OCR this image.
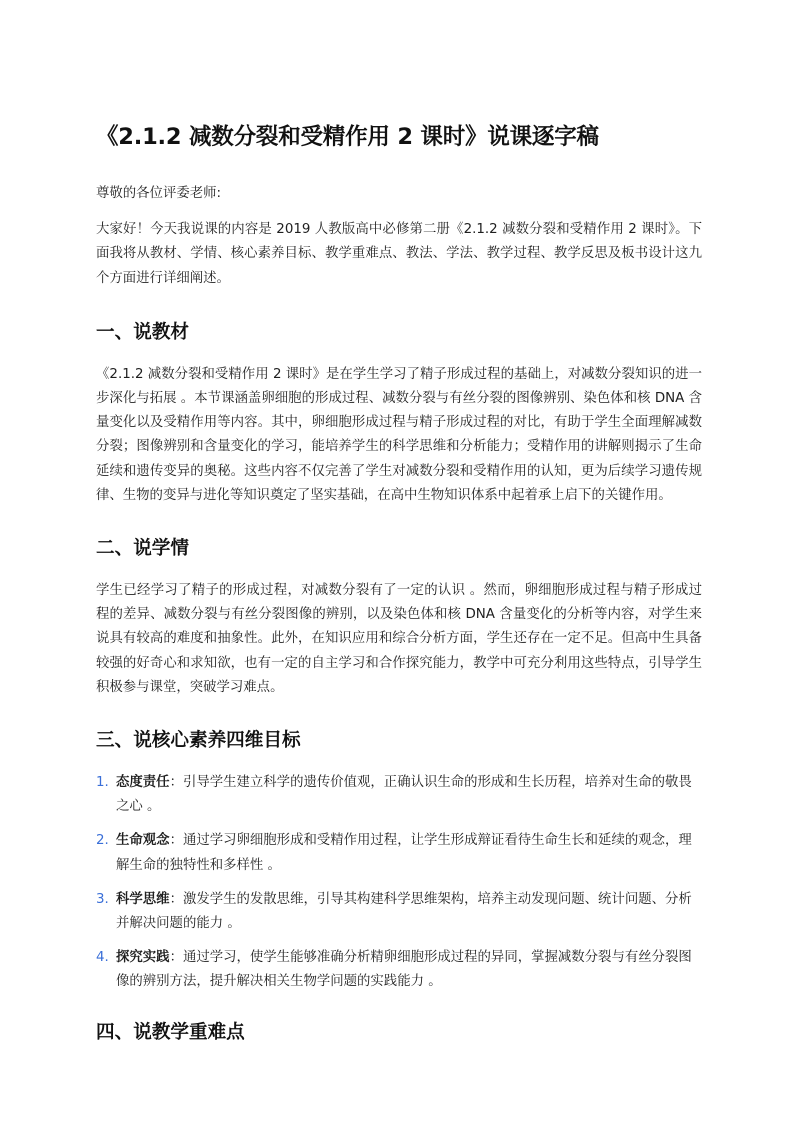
《2.1.2 减数分裂和受精作用 2 课时》说课逐字稿

尊敬的各位评委老师:

大家好！今天我说课的内容是 2019 人教版高中必修第二册《2.1.2 减数分裂和受精作用 2 课时》。下面我将从教材、学情、核心素养目标、教学重难点、教法、学法、教学过程、教学反思及板书设计这九个方面进行详细阐述。

一、说教材

《2.1.2 减数分裂和受精作用 2 课时》是在学生学习了精子形成过程的基础上，对减数分裂知识的进一步深化与拓展 。本节课涵盖卵细胞的形成过程、减数分裂与有丝分裂的图像辨别、染色体和核 DNA 含量变化以及受精作用等内容。其中，卵细胞形成过程与精子形成过程的对比，有助于学生全面理解减数分裂；图像辨别和含量变化的学习，能培养学生的科学思维和分析能力；受精作用的讲解则揭示了生命延续和遗传变异的奥秘。这些内容不仅完善了学生对减数分裂和受精作用的认知，更为后续学习遗传规律、生物的变异与进化等知识奠定了坚实基础，在高中生物知识体系中起着承上启下的关键作用。

二、说学情

学生已经学习了精子的形成过程，对减数分裂有了一定的认识 。然而，卵细胞形成过程与精子形成过程的差异、减数分裂与有丝分裂图像的辨别，以及染色体和核 DNA 含量变化的分析等内容，对学生来说具有较高的难度和抽象性。此外，在知识应用和综合分析方面，学生还存在一定不足。但高中生具备较强的好奇心和求知欲，也有一定的自主学习和合作探究能力，教学中可充分利用这些特点，引导学生积极参与课堂，突破学习难点。

三、说核心素养四维目标
1. 态度责任：引导学生建立科学的遗传价值观，正确认识生命的形成和生长历程，培养对生命的敬畏之心 。
2. 生命观念：通过学习卵细胞形成和受精作用过程，让学生形成辩证看待生命生长和延续的观念，理解生命的独特性和多样性 。
3. 科学思维：激发学生的发散思维，引导其构建科学思维架构，培养主动发现问题、统计问题、分析并解决问题的能力 。
4. 探究实践：通过学习，使学生能够准确分析精卵细胞形成过程的异同，掌握减数分裂与有丝分裂图像的辨别方法，提升解决相关生物学问题的实践能力 。
四、说教学重难点
